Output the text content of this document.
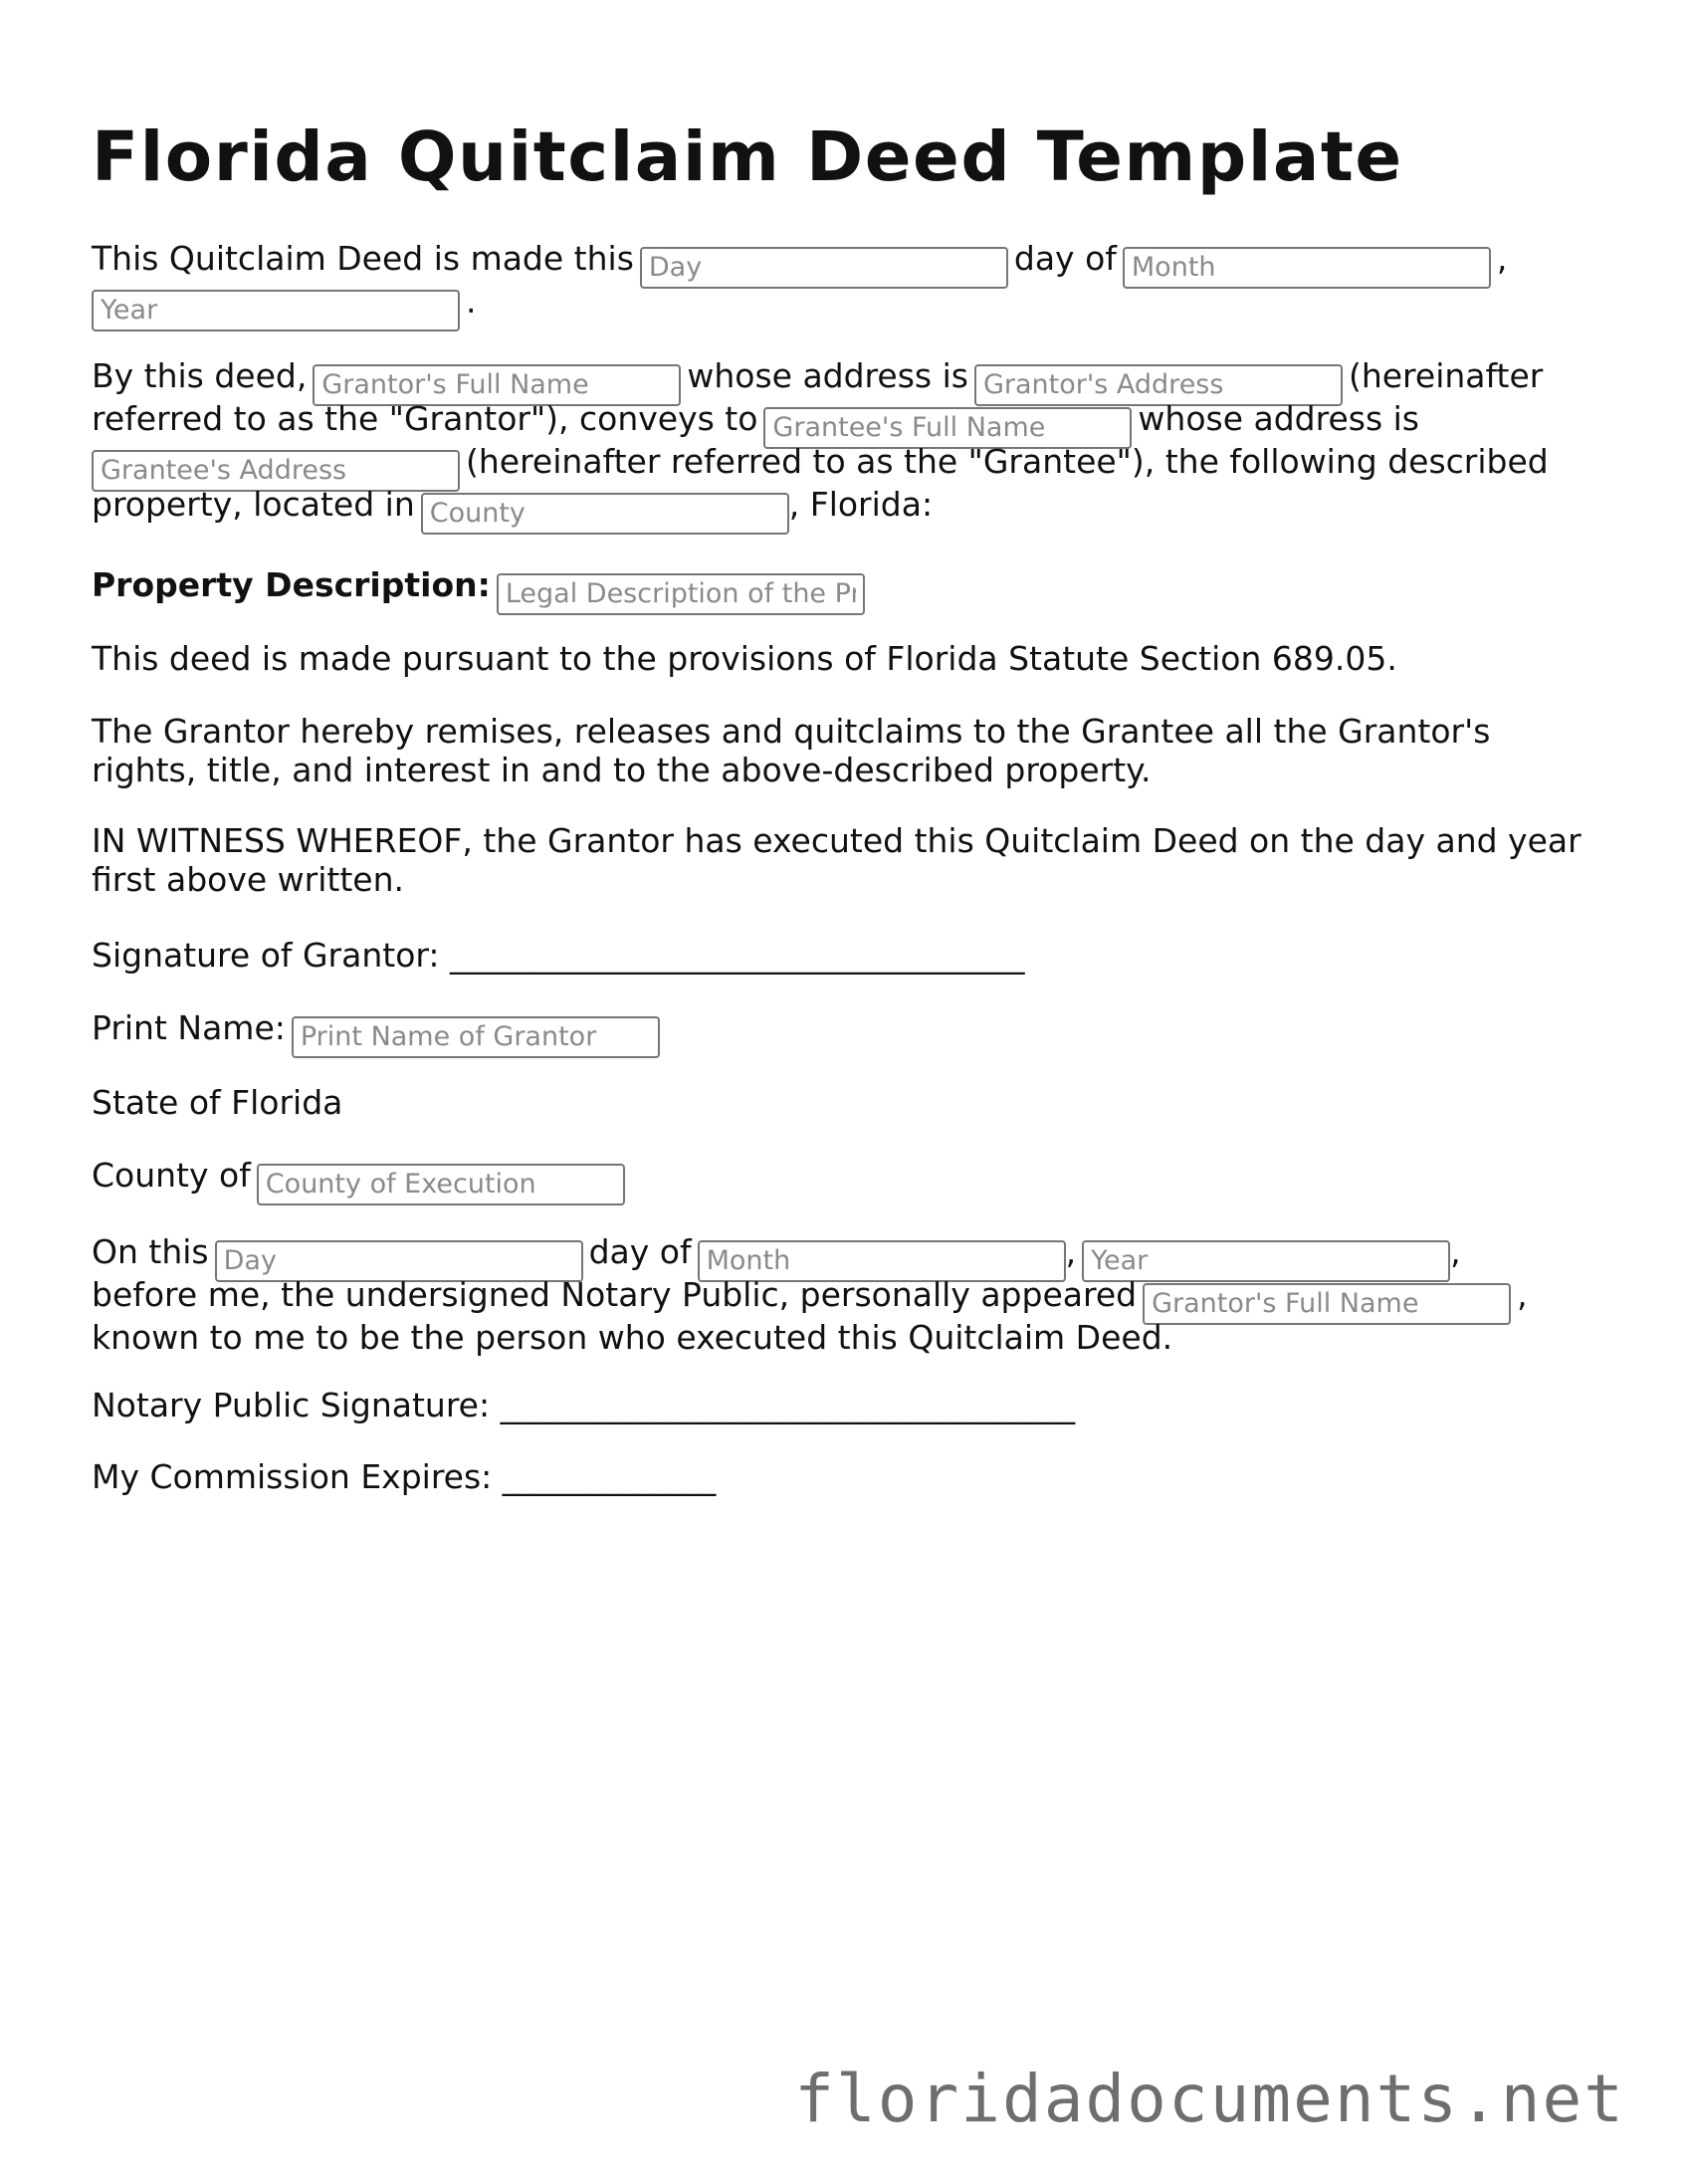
Florida Quitclaim Deed Template
This Quitclaim Deed is made thisDay	day ofMonth	,
Year.
By this deed,Grantor's Full Name	whose address isGrantor's Address	(hereinafter
referred to as the "Grantor"), conveys toGrantee's Full Name	whose address is
Grantee's Address(hereinafter referred to as the "Grantee"), the following described
property, located inCounty	, Florida:
Property Description:Legal Description of the Property
This deed is made pursuant to the provisions of Florida Statute Section 689.05.
The Grantor hereby remises, releases and quitclaims to the Grantee all the Grantor's
rights, title, and interest in and to the above-described property.
IN WITNESS WHEREOF, the Grantor has executed this Quitclaim Deed on the day and year
first above written.
Signature of Grantor: ___________________________________
Print Name:Print Name of Grantor
State of Florida
County ofCounty of Execution
On thisDay	day ofMonth	,Year	,
before me, the undersigned Notary Public, personally appearedGrantor's Full Name	,
known to me to be the person who executed this Quitclaim Deed.
Notary Public Signature: ___________________________________
My Commission Expires: _____________
floridadocuments.net
